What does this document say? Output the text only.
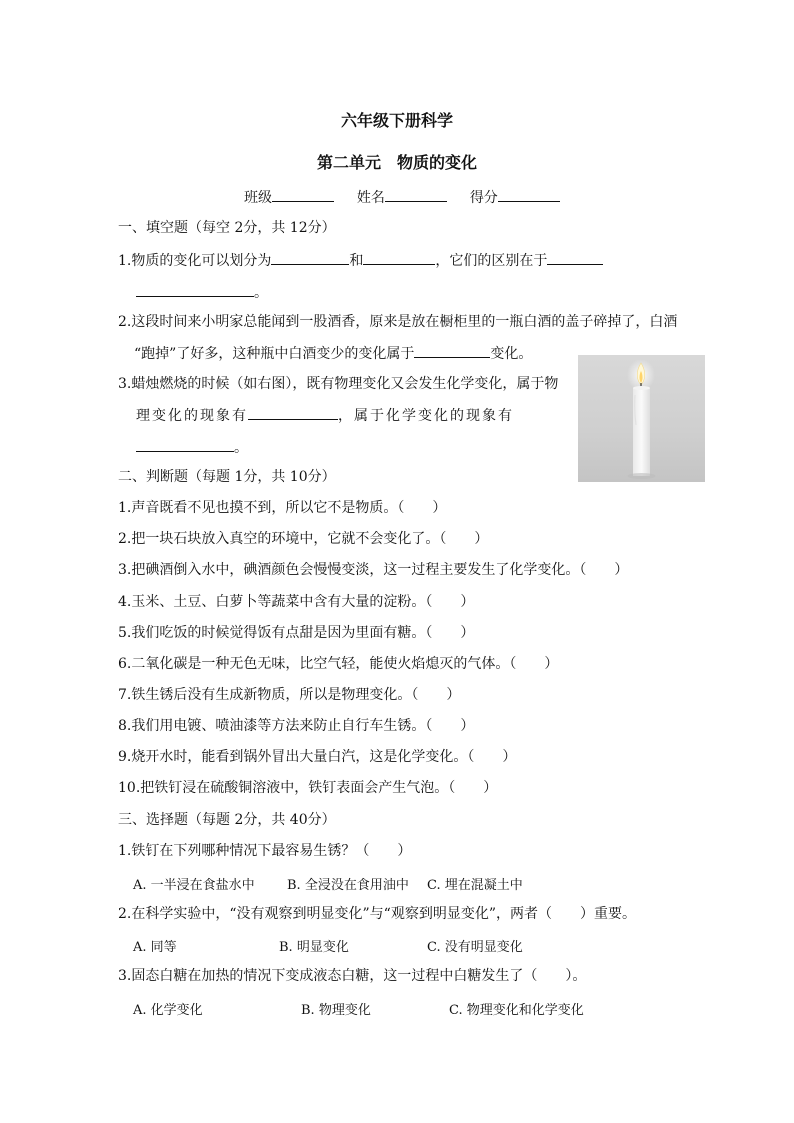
六年级下册科学
第二单元　物质的变化
班级	姓名	得分
一、填空题（每空 2分，共 12分）
1.物质的变化可以划分为	和	，它们的区别在于
。
2.这段时间来小明家总能闻到一股酒香，原来是放在橱柜里的一瓶白酒的盖子碎掉了，白酒
“跑掉”了好多，这种瓶中白酒变少的变化属于	变化。
3.蜡烛燃烧的时候（如右图），既有物理变化又会发生化学变化，属于物
理变化的现象有	，属于化学变化的现象有
。
二、判断题（每题 1分，共 10分）
1.声音既看不见也摸不到，所以它不是物质。（　　）
2.把一块石块放入真空的环境中，它就不会变化了。（　　）
3.把碘酒倒入水中，碘酒颜色会慢慢变淡，这一过程主要发生了化学变化。（　　）
4.玉米、土豆、白萝卜等蔬菜中含有大量的淀粉。（　　）
5.我们吃饭的时候觉得饭有点甜是因为里面有糖。（　　）
6.二氧化碳是一种无色无味，比空气轻，能使火焰熄灭的气体。（　　）
7.铁生锈后没有生成新物质，所以是物理变化。（　　）
8.我们用电镀、喷油漆等方法来防止自行车生锈。（　　）
9.烧开水时，能看到锅外冒出大量白汽，这是化学变化。（　　）
10.把铁钉浸在硫酸铜溶液中，铁钉表面会产生气泡。（　　）
三、选择题（每题 2分，共 40分）
1.铁钉在下列哪种情况下最容易生锈？（　　）
A. 一半浸在食盐水中 B. 全浸没在食用油中 C. 埋在混凝土中
2.在科学实验中，“没有观察到明显变化”与“观察到明显变化”，两者（　　）重要。
A. 同等	B. 明显变化	C. 没有明显变化
3.固态白糖在加热的情况下变成液态白糖，这一过程中白糖发生了（　　）。
A. 化学变化	B. 物理变化	C. 物理变化和化学变化
